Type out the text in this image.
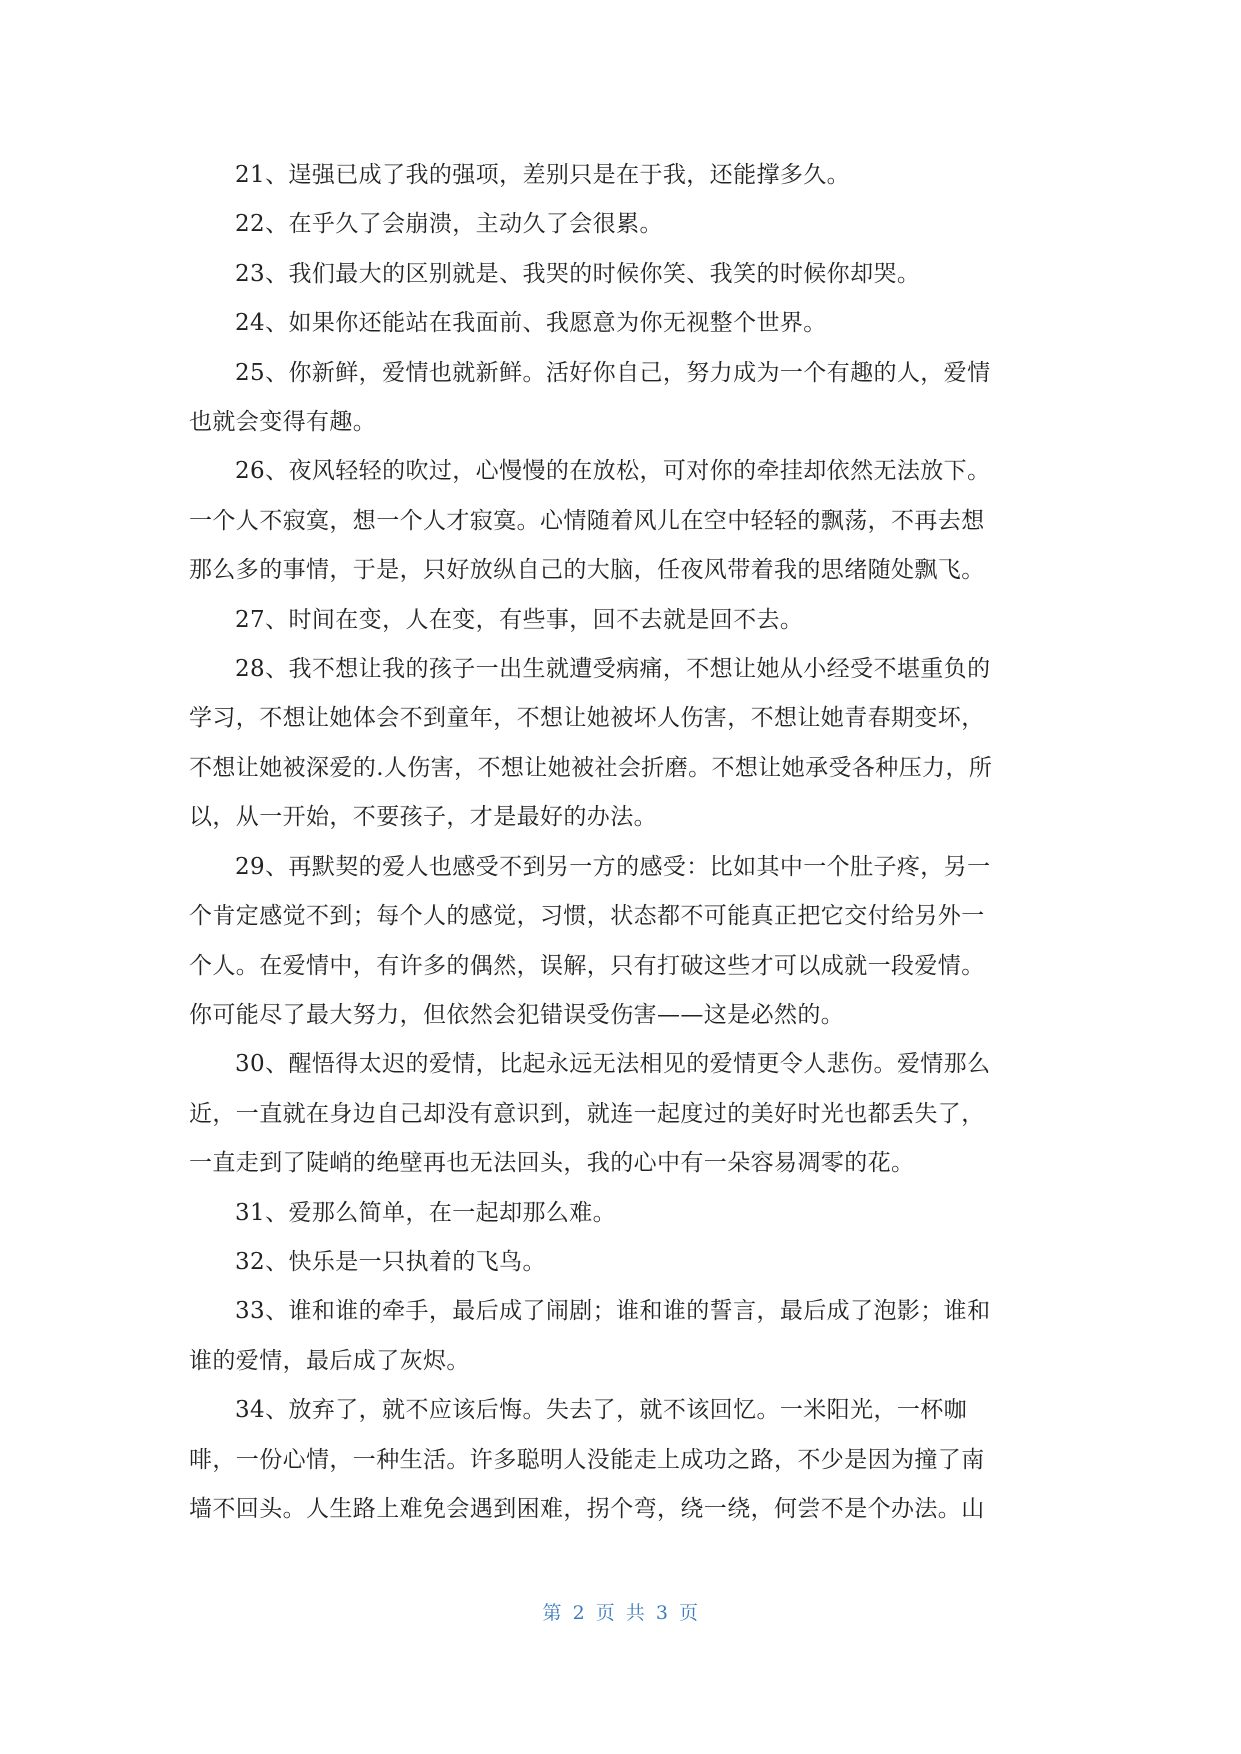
21、逞强已成了我的强项，差别只是在于我，还能撑多久。

22、在乎久了会崩溃，主动久了会很累。

23、我们最大的区别就是、我哭的时候你笑、我笑的时候你却哭。

24、如果你还能站在我面前、我愿意为你无视整个世界。

25、你新鲜，爱情也就新鲜。活好你自己，努力成为一个有趣的人，爱情
也就会变得有趣。

26、夜风轻轻的吹过，心慢慢的在放松，可对你的牵挂却依然无法放下。
一个人不寂寞，想一个人才寂寞。心情随着风儿在空中轻轻的飘荡，不再去想
那么多的事情，于是，只好放纵自己的大脑，任夜风带着我的思绪随处飘飞。

27、时间在变，人在变，有些事，回不去就是回不去。

28、我不想让我的孩子一出生就遭受病痛，不想让她从小经受不堪重负的
学习，不想让她体会不到童年，不想让她被坏人伤害，不想让她青春期变坏，
不想让她被深爱的.人伤害，不想让她被社会折磨。不想让她承受各种压力，所
以，从一开始，不要孩子，才是最好的办法。

29、再默契的爱人也感受不到另一方的感受：比如其中一个肚子疼，另一
个肯定感觉不到；每个人的感觉，习惯，状态都不可能真正把它交付给另外一
个人。在爱情中，有许多的偶然，误解，只有打破这些才可以成就一段爱情。
你可能尽了最大努力，但依然会犯错误受伤害——这是必然的。

30、醒悟得太迟的爱情，比起永远无法相见的爱情更令人悲伤。爱情那么
近，一直就在身边自己却没有意识到，就连一起度过的美好时光也都丢失了，
一直走到了陡峭的绝壁再也无法回头，我的心中有一朵容易凋零的花。

31、爱那么简单，在一起却那么难。

32、快乐是一只执着的飞鸟。

33、谁和谁的牵手，最后成了闹剧；谁和谁的誓言，最后成了泡影；谁和
谁的爱情，最后成了灰烬。

34、放弃了，就不应该后悔。失去了，就不该回忆。一米阳光，一杯咖
啡，一份心情，一种生活。许多聪明人没能走上成功之路，不少是因为撞了南
墙不回头。人生路上难免会遇到困难，拐个弯，绕一绕，何尝不是个办法。山

第 2 页 共 3 页
